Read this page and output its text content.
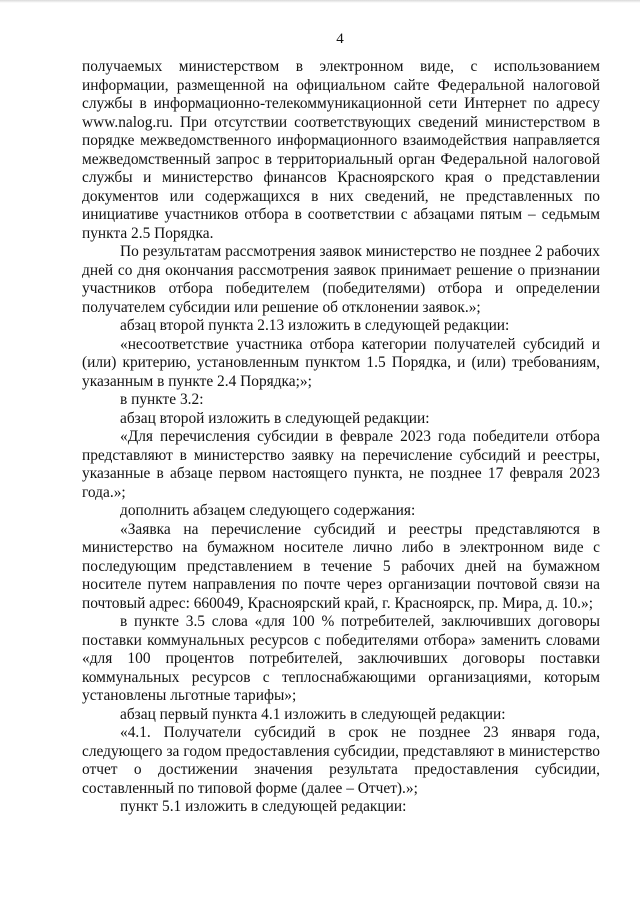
4

получаемых министерством в электронном виде, с использованием информации, размещенной на официальном сайте Федеральной налоговой службы в информационно-телекоммуникационной сети Интернет по адресу www.nalog.ru. При отсутствии соответствующих сведений министерством в порядке межведомственного информационного взаимодействия направляется межведомственный запрос в территориальный орган Федеральной налоговой службы и министерство финансов Красноярского края о представлении документов или содержащихся в них сведений, не представленных по инициативе участников отбора в соответствии с абзацами пятым – седьмым пункта 2.5 Порядка.

По результатам рассмотрения заявок министерство не позднее 2 рабочих дней со дня окончания рассмотрения заявок принимает решение о признании участников отбора победителем (победителями) отбора и определении получателем субсидии или решение об отклонении заявок.»;

абзац второй пункта 2.13 изложить в следующей редакции:

«несоответствие участника отбора категории получателей субсидий и (или) критерию, установленным пунктом 1.5 Порядка, и (или) требованиям, указанным в пункте 2.4 Порядка;»;

в пункте 3.2:

абзац второй изложить в следующей редакции:

«Для перечисления субсидии в феврале 2023 года победители отбора представляют в министерство заявку на перечисление субсидий и реестры, указанные в абзаце первом настоящего пункта, не позднее 17 февраля 2023 года.»;

дополнить абзацем следующего содержания:

«Заявка на перечисление субсидий и реестры представляются в министерство на бумажном носителе лично либо в электронном виде с последующим представлением в течение 5 рабочих дней на бумажном носителе путем направления по почте через организации почтовой связи на почтовый адрес: 660049, Красноярский край, г. Красноярск, пр. Мира, д. 10.»;

в пункте 3.5 слова «для 100 % потребителей, заключивших договоры поставки коммунальных ресурсов с победителями отбора» заменить словами «для 100 процентов потребителей, заключивших договоры поставки коммунальных ресурсов с теплоснабжающими организациями, которым установлены льготные тарифы»;

абзац первый пункта 4.1 изложить в следующей редакции:

«4.1. Получатели субсидий в срок не позднее 23 января года, следующего за годом предоставления субсидии, представляют в министерство отчет о достижении значения результата предоставления субсидии, составленный по типовой форме (далее – Отчет).»;

пункт 5.1 изложить в следующей редакции:
